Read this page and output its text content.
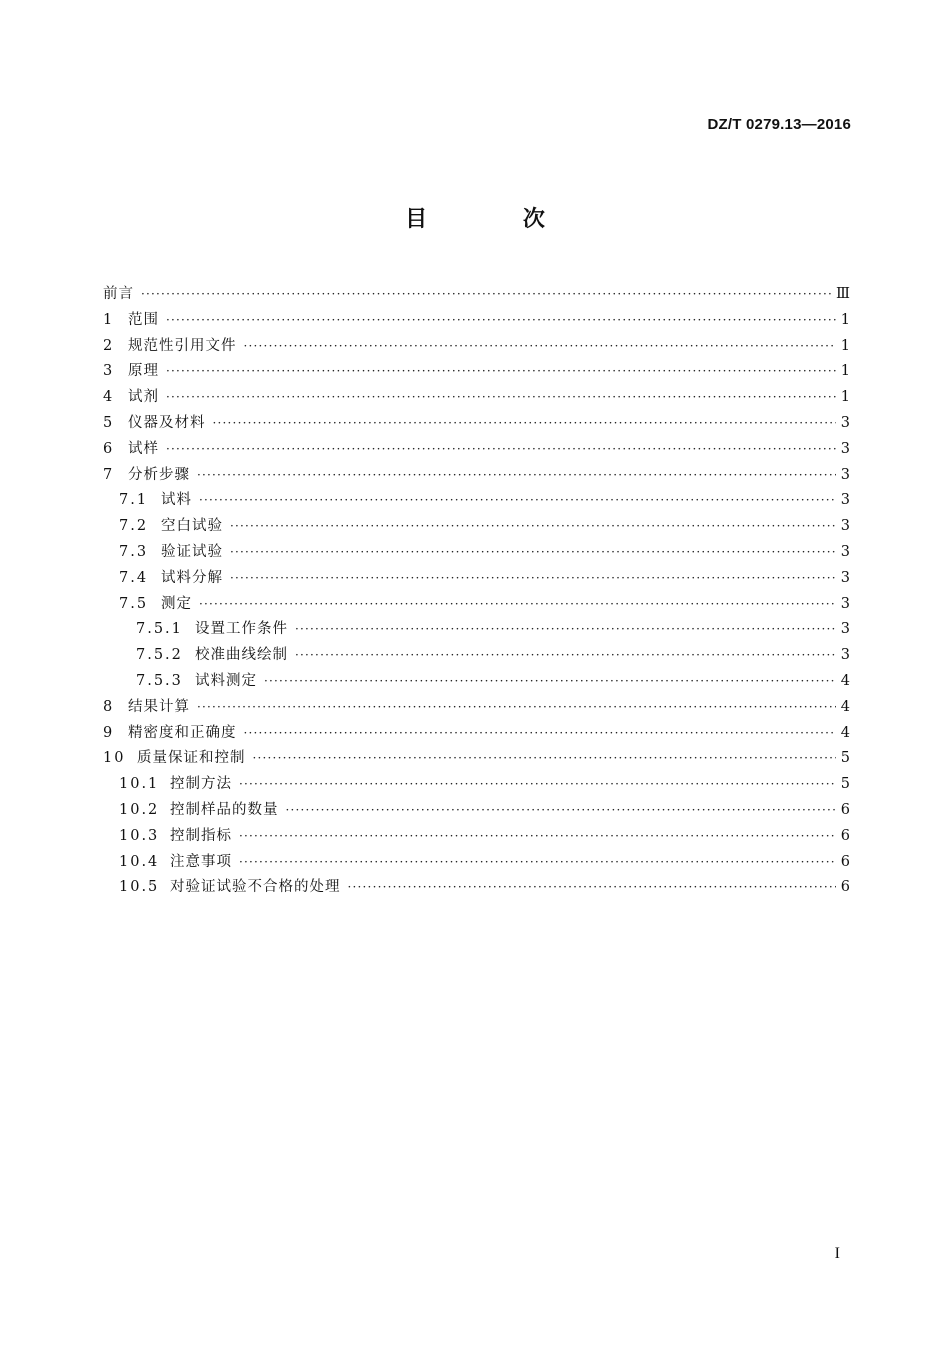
DZ/T 0279.13—2016
目 次
前言 ·····	Ⅲ
1 范围 ·····	1
2 规范性引用文件 ·····	1
3 原理 ·····	1
4 试剂 ·····	1
5 仪器及材料 ·····	3
6 试样 ·····	3
7 分析步骤 ·····	3
7.1 试料 ·····	3
7.2 空白试验 ·····	3
7.3 验证试验 ·····	3
7.4 试料分解 ·····	3
7.5 测定 ·····	3
7.5.1 设置工作条件 ·····	3
7.5.2 校准曲线绘制 ·····	3
7.5.3 试料测定 ·····	4
8 结果计算 ·····	4
9 精密度和正确度 ·····	4
10 质量保证和控制 ·····	5
10.1 控制方法 ·····	5
10.2 控制样品的数量 ·····	6
10.3 控制指标 ·····	6
10.4 注意事项 ·····	6
10.5 对验证试验不合格的处理 ·····	6
I
